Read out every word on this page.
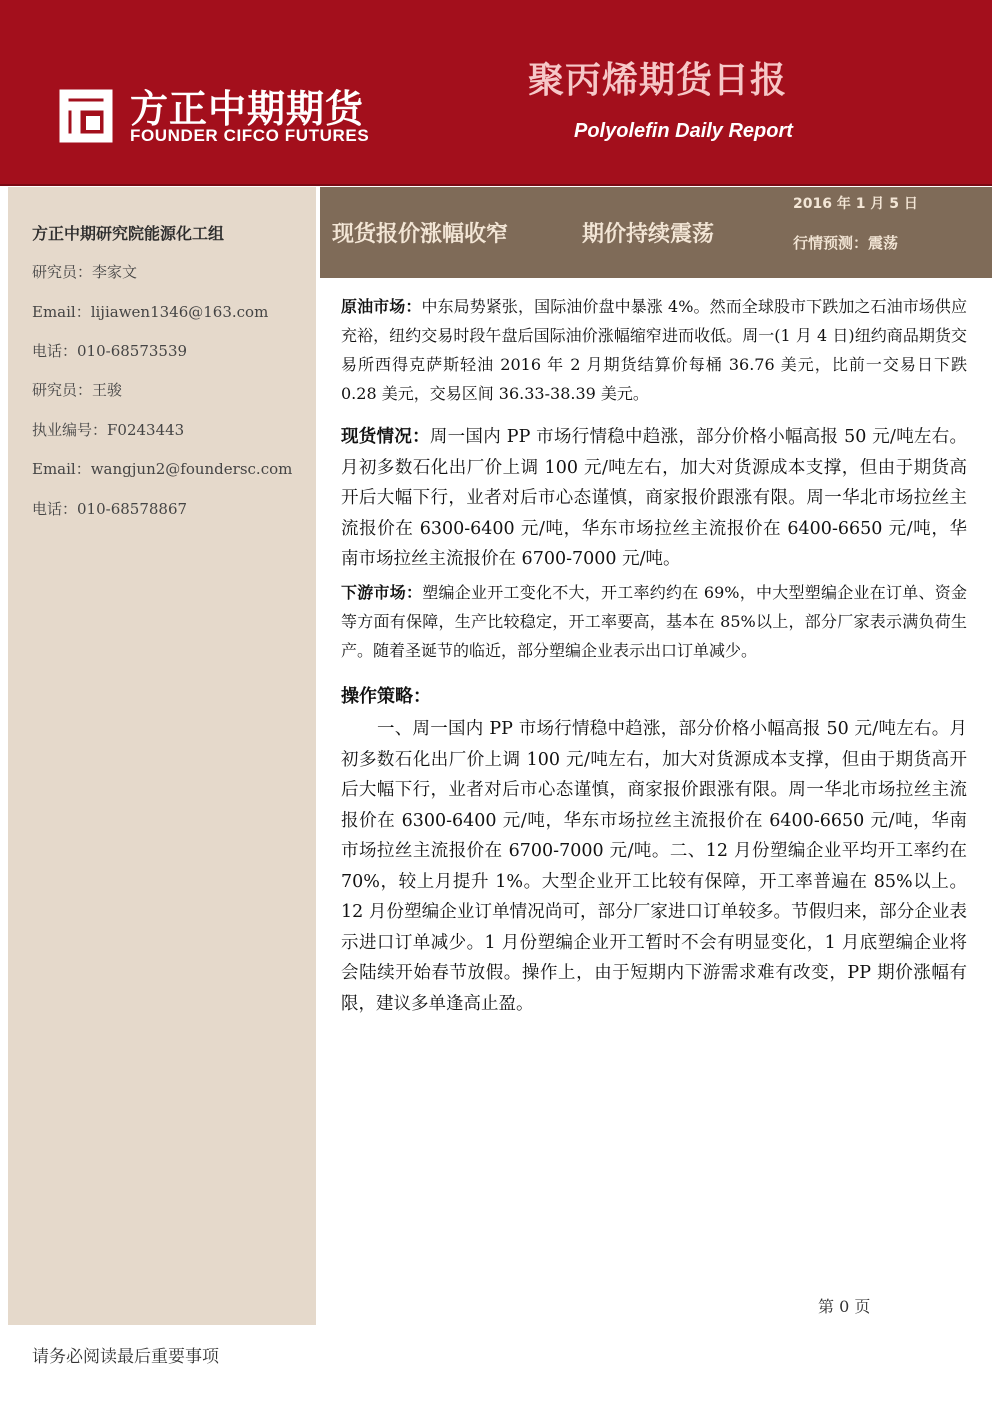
方正中期期货
FOUNDER CIFCO FUTURES
聚丙烯期货日报
Polyolefin Daily Report
方正中期研究院能源化工组
研究员：李家文
Email：lijiawen1346@163.com
电话：010-68573539
研究员：王骏
执业编号：F0243443
Email：wangjun2@foundersc.com
电话：010-68578867
现货报价涨幅收窄	期价持续震荡
2016 年 1 月 5 日
行情预测：震荡

原油市场：中东局势紧张，国际油价盘中暴涨 4%。然而全球股市下跌加之石油市场供应充裕，纽约交易时段午盘后国际油价涨幅缩窄进而收低。周一(1 月 4 日)纽约商品期货交易所西得克萨斯轻油 2016 年 2 月期货结算价每桶 36.76 美元，比前一交易日下跌 0.28 美元，交易区间 36.33-38.39 美元。

现货情况：周一国内 PP 市场行情稳中趋涨，部分价格小幅高报 50 元/吨左右。月初多数石化出厂价上调 100 元/吨左右，加大对货源成本支撑，但由于期货高开后大幅下行，业者对后市心态谨慎，商家报价跟涨有限。周一华北市场拉丝主流报价在 6300-6400 元/吨，华东市场拉丝主流报价在 6400-6650 元/吨，华南市场拉丝主流报价在 6700-7000 元/吨。

下游市场：塑编企业开工变化不大，开工率约约在 69%，中大型塑编企业在订单、资金等方面有保障，生产比较稳定，开工率要高，基本在 85%以上，部分厂家表示满负荷生产。随着圣诞节的临近，部分塑编企业表示出口订单减少。

操作策略：

一、周一国内 PP 市场行情稳中趋涨，部分价格小幅高报 50 元/吨左右。月初多数石化出厂价上调 100 元/吨左右，加大对货源成本支撑，但由于期货高开后大幅下行，业者对后市心态谨慎，商家报价跟涨有限。周一华北市场拉丝主流报价在 6300-6400 元/吨，华东市场拉丝主流报价在 6400-6650 元/吨，华南市场拉丝主流报价在 6700-7000 元/吨。二、12 月份塑编企业平均开工率约在 70%，较上月提升 1%。大型企业开工比较有保障，开工率普遍在 85%以上。12 月份塑编企业订单情况尚可，部分厂家进口订单较多。节假归来，部分企业表示进口订单减少。1 月份塑编企业开工暂时不会有明显变化，1 月底塑编企业将会陆续开始春节放假。操作上，由于短期内下游需求难有改变，PP 期价涨幅有限，建议多单逢高止盈。

第 0 页
请务必阅读最后重要事项
